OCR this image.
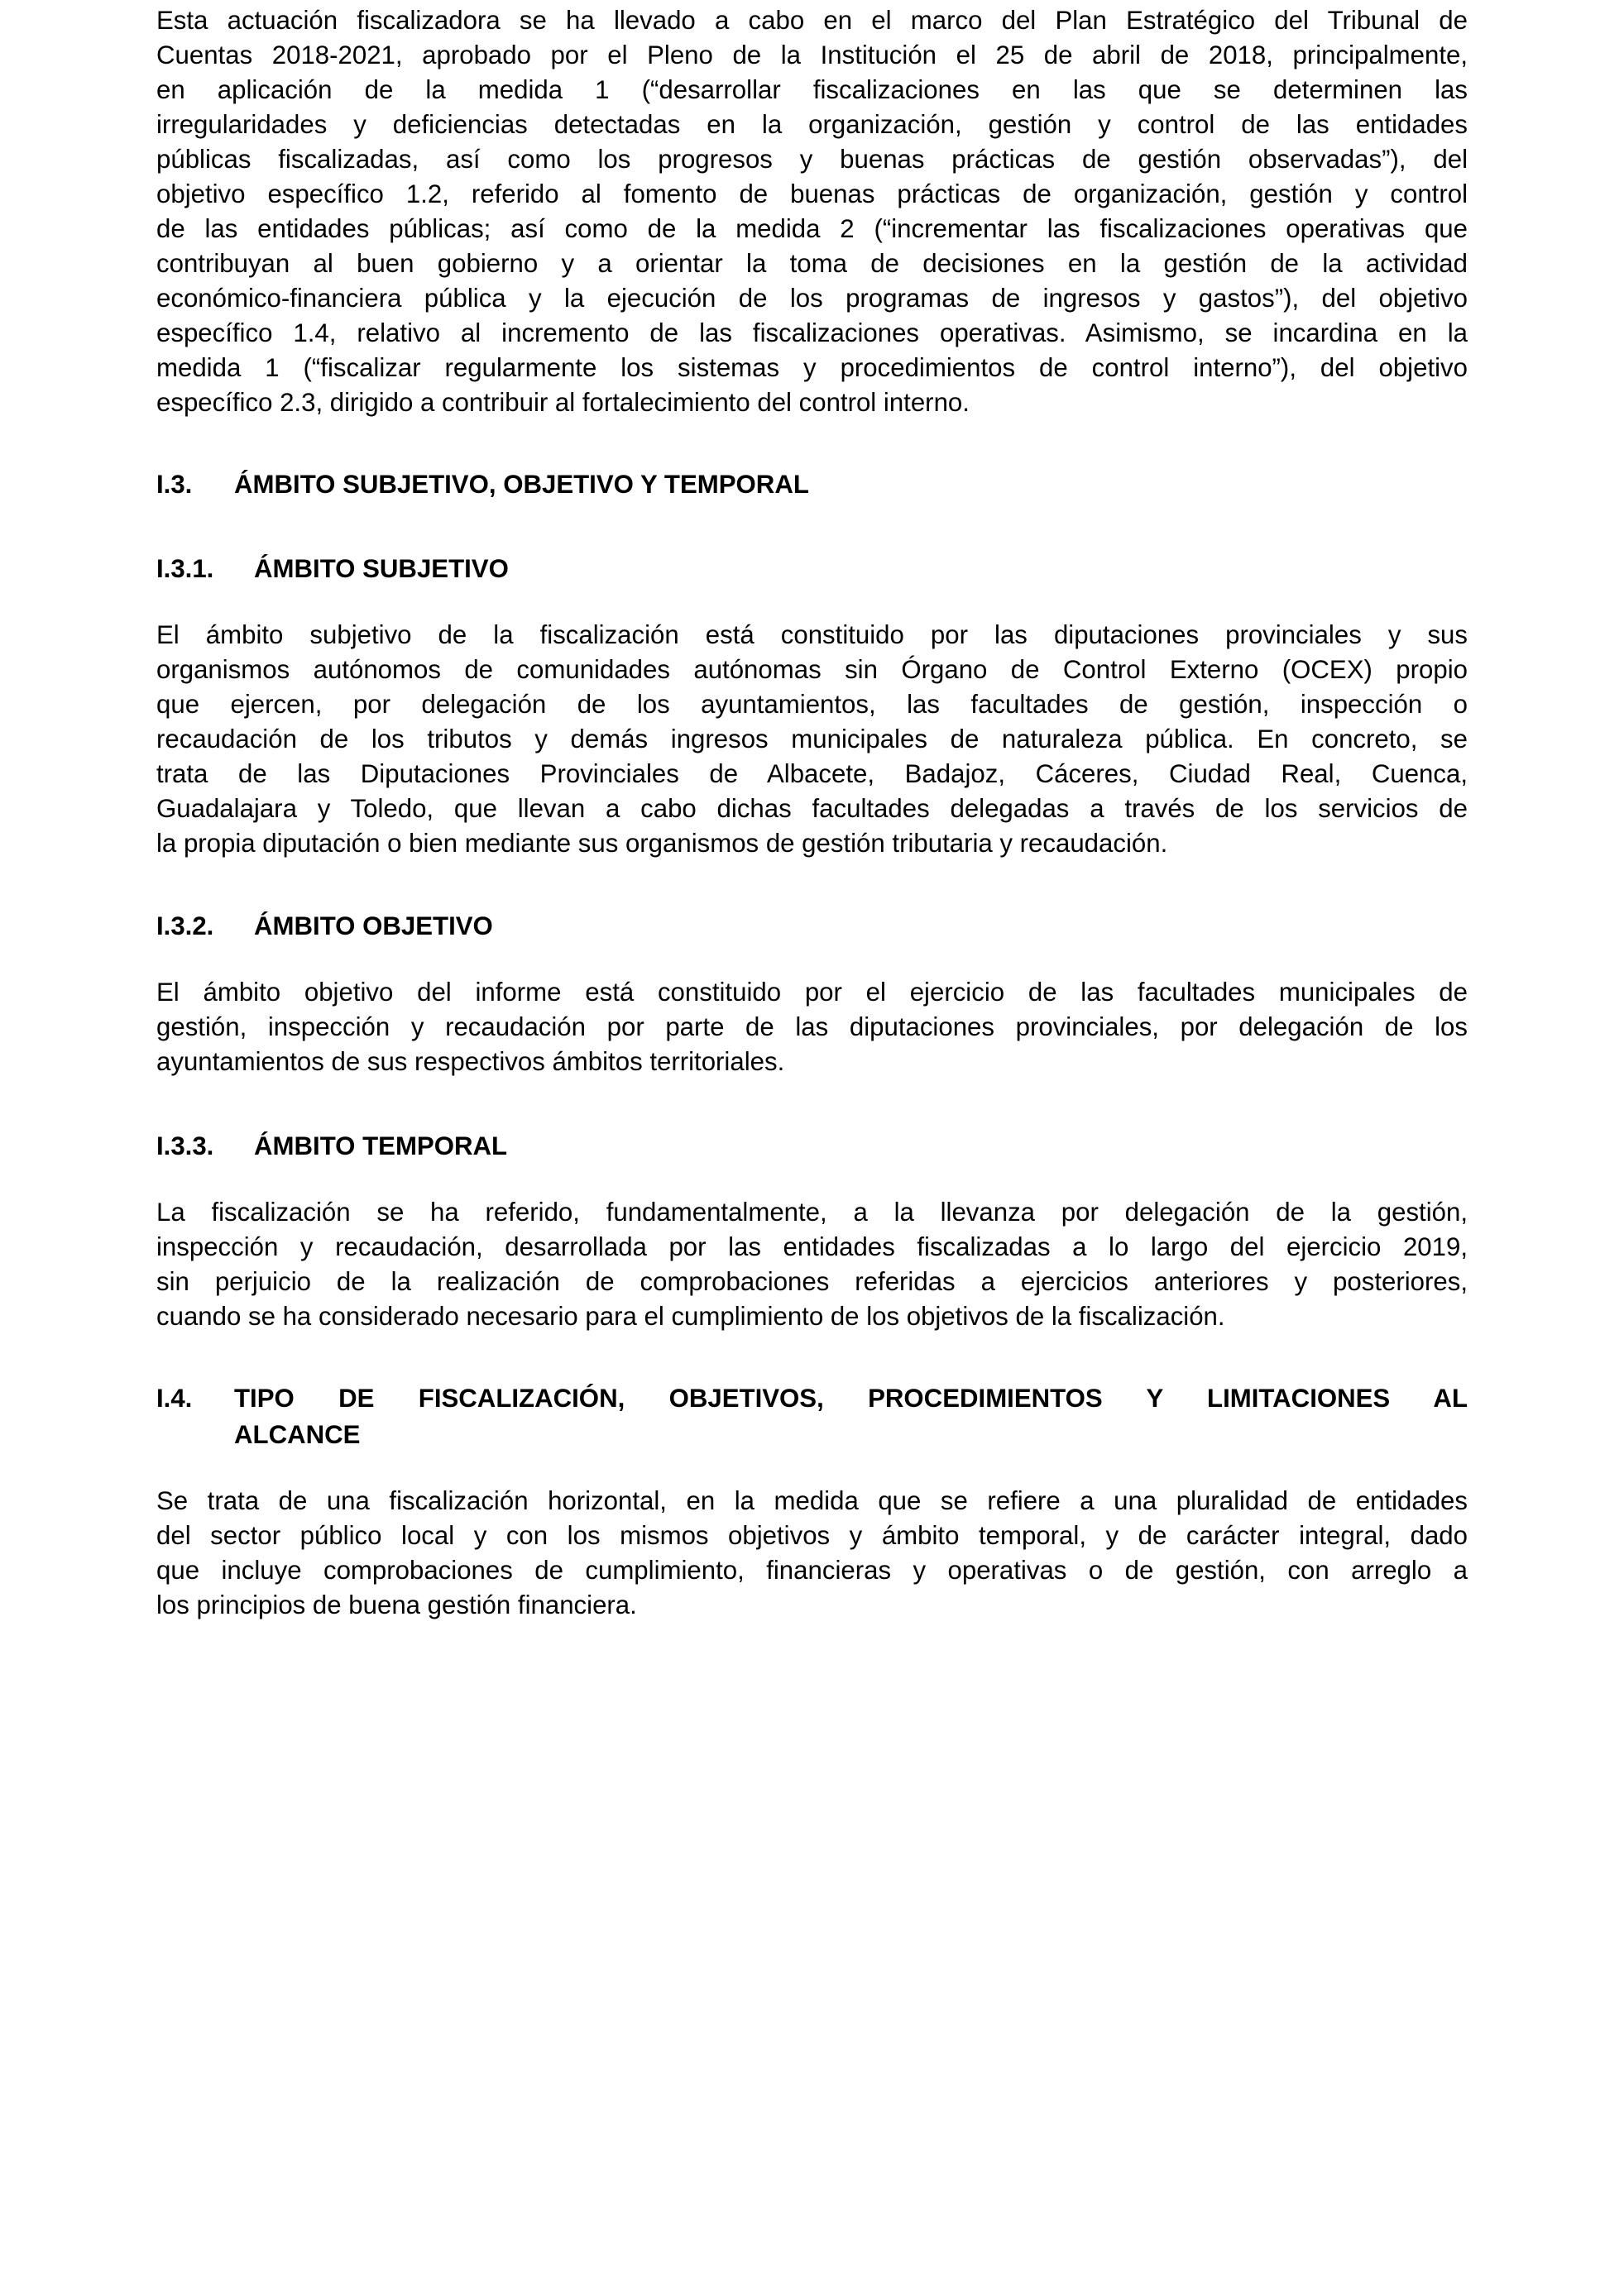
Esta actuación fiscalizadora se ha llevado a cabo en el marco del Plan Estratégico del Tribunal de
Cuentas 2018-2021, aprobado por el Pleno de la Institución el 25 de abril de 2018, principalmente,
en aplicación de la medida 1 (“desarrollar fiscalizaciones en las que se determinen las
irregularidades y deficiencias detectadas en la organización, gestión y control de las entidades
públicas fiscalizadas, así como los progresos y buenas prácticas de gestión observadas”), del
objetivo específico 1.2, referido al fomento de buenas prácticas de organización, gestión y control
de las entidades públicas; así como de la medida 2 (“incrementar las fiscalizaciones operativas que
contribuyan al buen gobierno y a orientar la toma de decisiones en la gestión de la actividad
económico-financiera pública y la ejecución de los programas de ingresos y gastos”), del objetivo
específico 1.4, relativo al incremento de las fiscalizaciones operativas. Asimismo, se incardina en la
medida 1 (“fiscalizar regularmente los sistemas y procedimientos de control interno”), del objetivo
específico 2.3, dirigido a contribuir al fortalecimiento del control interno.
I.3. ÁMBITO SUBJETIVO, OBJETIVO Y TEMPORAL
I.3.1. ÁMBITO SUBJETIVO
El ámbito subjetivo de la fiscalización está constituido por las diputaciones provinciales y sus
organismos autónomos de comunidades autónomas sin Órgano de Control Externo (OCEX) propio
que ejercen, por delegación de los ayuntamientos, las facultades de gestión, inspección o
recaudación de los tributos y demás ingresos municipales de naturaleza pública. En concreto, se
trata de las Diputaciones Provinciales de Albacete, Badajoz, Cáceres, Ciudad Real, Cuenca,
Guadalajara y Toledo, que llevan a cabo dichas facultades delegadas a través de los servicios de
la propia diputación o bien mediante sus organismos de gestión tributaria y recaudación.
I.3.2. ÁMBITO OBJETIVO
El ámbito objetivo del informe está constituido por el ejercicio de las facultades municipales de
gestión, inspección y recaudación por parte de las diputaciones provinciales, por delegación de los
ayuntamientos de sus respectivos ámbitos territoriales.
I.3.3. ÁMBITO TEMPORAL
La fiscalización se ha referido, fundamentalmente, a la llevanza por delegación de la gestión,
inspección y recaudación, desarrollada por las entidades fiscalizadas a lo largo del ejercicio 2019,
sin perjuicio de la realización de comprobaciones referidas a ejercicios anteriores y posteriores,
cuando se ha considerado necesario para el cumplimiento de los objetivos de la fiscalización.
I.4. TIPO DE FISCALIZACIÓN, OBJETIVOS, PROCEDIMIENTOS Y LIMITACIONES AL
ALCANCE
Se trata de una fiscalización horizontal, en la medida que se refiere a una pluralidad de entidades
del sector público local y con los mismos objetivos y ámbito temporal, y de carácter integral, dado
que incluye comprobaciones de cumplimiento, financieras y operativas o de gestión, con arreglo a
los principios de buena gestión financiera.
